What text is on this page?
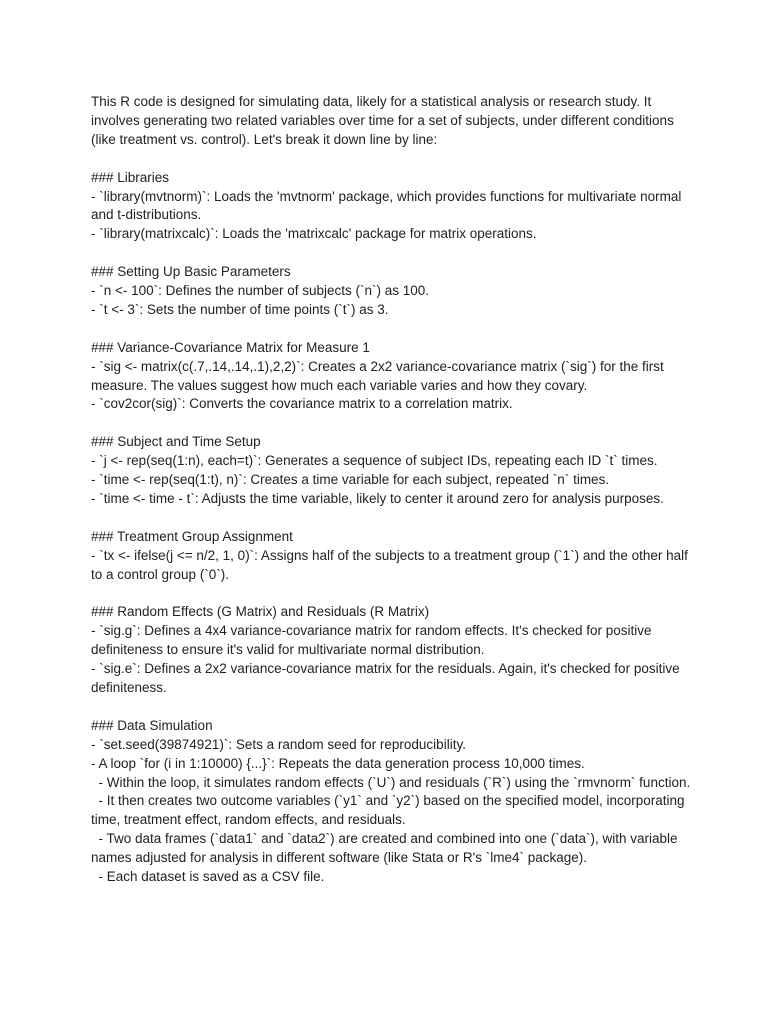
This R code is designed for simulating data, likely for a statistical analysis or research study. It involves generating two related variables over time for a set of subjects, under different conditions (like treatment vs. control). Let's break it down line by line:

### Libraries
- `library(mvtnorm)`: Loads the 'mvtnorm' package, which provides functions for multivariate normal and t-distributions.
- `library(matrixcalc)`: Loads the 'matrixcalc' package for matrix operations.
### Setting Up Basic Parameters
- `n <- 100`: Defines the number of subjects (`n`) as 100.
- `t <- 3`: Sets the number of time points (`t`) as 3.
### Variance-Covariance Matrix for Measure 1
- `sig <- matrix(c(.7,.14,.14,.1),2,2)`: Creates a 2x2 variance-covariance matrix (`sig`) for the first measure. The values suggest how much each variable varies and how they covary.
- `cov2cor(sig)`: Converts the covariance matrix to a correlation matrix.
### Subject and Time Setup
- `j <- rep(seq(1:n), each=t)`: Generates a sequence of subject IDs, repeating each ID `t` times.
- `time <- rep(seq(1:t), n)`: Creates a time variable for each subject, repeated `n` times.
- `time <- time - t`: Adjusts the time variable, likely to center it around zero for analysis purposes.
### Treatment Group Assignment
- `tx <- ifelse(j <= n/2, 1, 0)`: Assigns half of the subjects to a treatment group (`1`) and the other half to a control group (`0`).
### Random Effects (G Matrix) and Residuals (R Matrix)
- `sig.g`: Defines a 4x4 variance-covariance matrix for random effects. It's checked for positive definiteness to ensure it's valid for multivariate normal distribution.
- `sig.e`: Defines a 2x2 variance-covariance matrix for the residuals. Again, it's checked for positive definiteness.
### Data Simulation
- `set.seed(39874921)`: Sets a random seed for reproducibility.
- A loop `for (i in 1:10000) {...}`: Repeats the data generation process 10,000 times.
- Within the loop, it simulates random effects (`U`) and residuals (`R`) using the `rmvnorm` function.
- It then creates two outcome variables (`y1` and `y2`) based on the specified model, incorporating time, treatment effect, random effects, and residuals.
- Two data frames (`data1` and `data2`) are created and combined into one (`data`), with variable names adjusted for analysis in different software (like Stata or R's `lme4` package).
- Each dataset is saved as a CSV file.
